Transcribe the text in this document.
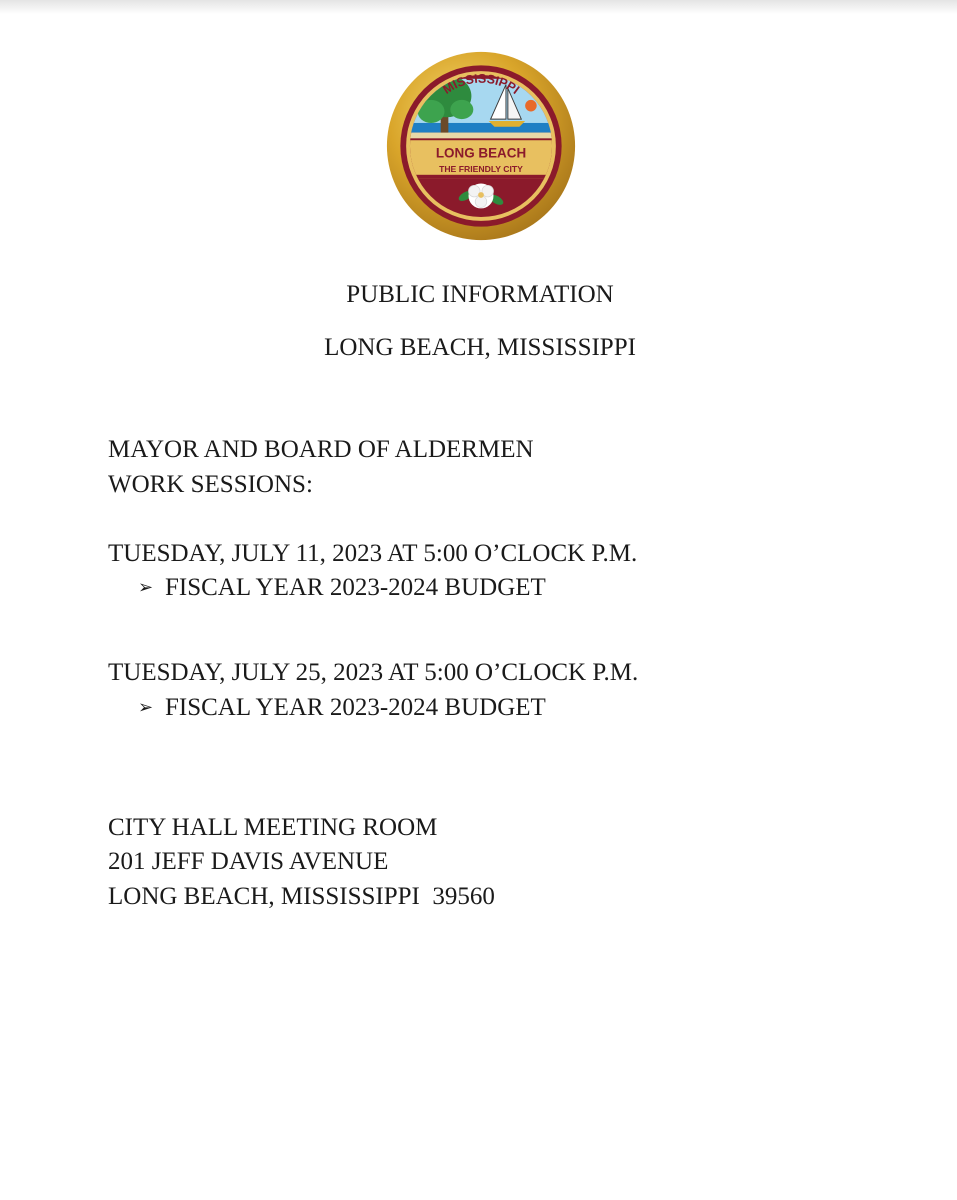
MISSISSIPPI
LONG BEACH
THE FRIENDLY CITY

PUBLIC INFORMATION

LONG BEACH, MISSISSIPPI

MAYOR AND BOARD OF ALDERMEN

WORK SESSIONS:

TUESDAY, JULY 11, 2023 AT 5:00 O’CLOCK P.M.

➢ FISCAL YEAR 2023-2024 BUDGET

TUESDAY, JULY 25, 2023 AT 5:00 O’CLOCK P.M.

➢ FISCAL YEAR 2023-2024 BUDGET

CITY HALL MEETING ROOM

201 JEFF DAVIS AVENUE

LONG BEACH, MISSISSIPPI  39560
